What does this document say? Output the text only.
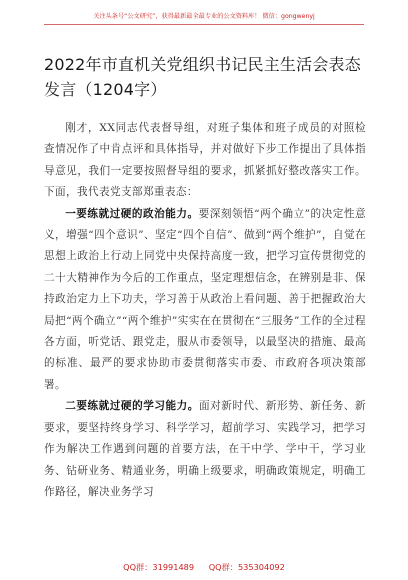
关注头条号“公文研究”，获得最新最全最专业的公文资料库！ 微信：gongwenyj
2022年市直机关党组织书记民主生活会表态发言（1204字）

刚才，XX同志代表督导组，对班子集体和班子成员的对照检查情况作了中肯点评和具体指导，并对做好下步工作提出了具体指导意见，我们一定要按照督导组的要求，抓紧抓好整改落实工作。下面，我代表党支部郑重表态：

一要练就过硬的政治能力。要深刻领悟“两个确立”的决定性意义，增强“四个意识”、坚定“四个自信”、做到“两个维护”，自觉在思想上政治上行动上同党中央保持高度一致，把学习宣传贯彻党的二十大精神作为今后的工作重点，坚定理想信念，在辨别是非、保持政治定力上下功夫，学习善于从政治上看问题、善于把握政治大局把“两个确立”“两个维护”实实在在贯彻在“三服务”工作的全过程各方面，听党话、跟党走，服从市委领导，以最坚决的措施、最高的标准、最严的要求协助市委贯彻落实市委、市政府各项决策部署。

二要练就过硬的学习能力。面对新时代、新形势、新任务、新要求，要坚持终身学习、科学学习，超前学习、实践学习，把学习作为解决工作遇到问题的首要方法，在干中学、学中干，学习业务、钻研业务、精通业务，明确上级要求，明确政策规定，明确工作路径，解决业务学习

QQ群：31991489 QQ群：535304092
